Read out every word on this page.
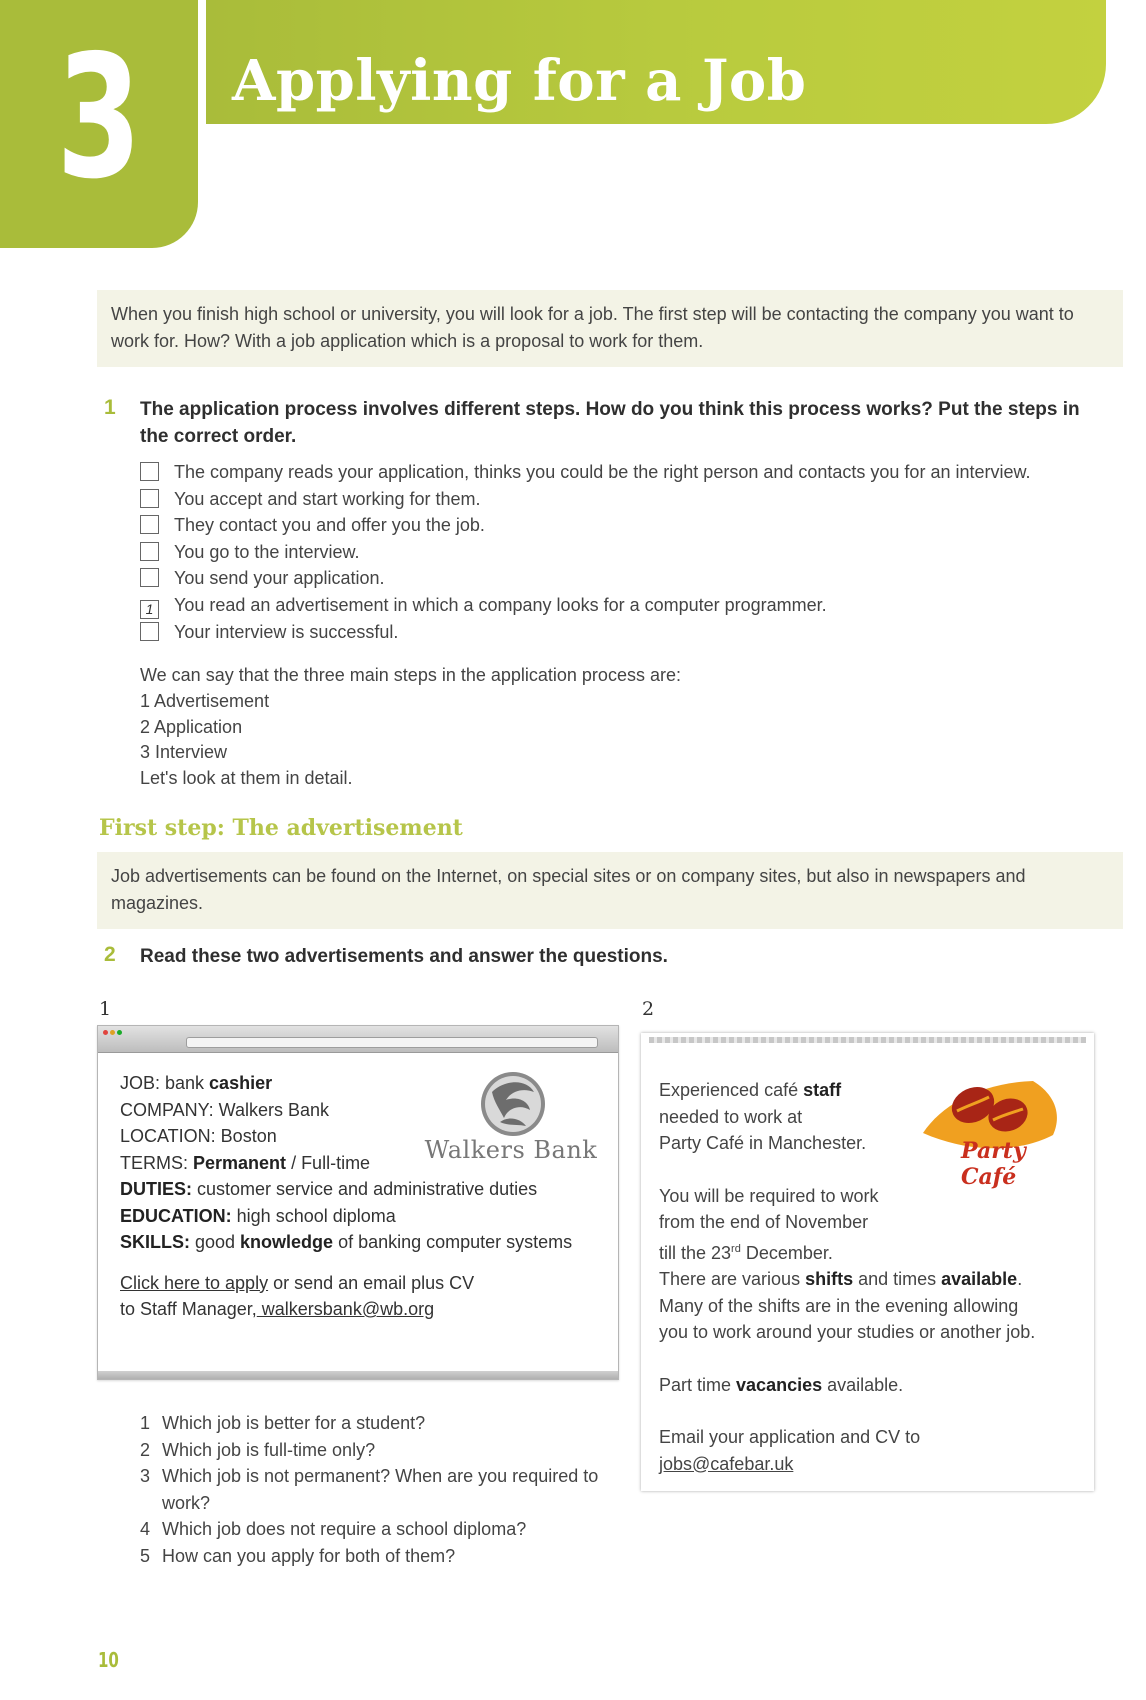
3	Applying for a Job
When you finish high school or university, you will look for a job. The first step will be contacting the company you want to work for. How? With a job application which is a proposal to work for them.
1 The application process involves different steps. How do you think this process works? Put the steps in the correct order.
The company reads your application, thinks you could be the right person and contacts you for an interview.
You accept and start working for them.
They contact you and offer you the job.
You go to the interview.
You send your application.
1 You read an advertisement in which a company looks for a computer programmer.
Your interview is successful.
We can say that the three main steps in the application process are:
1 Advertisement
2 Application
3 Interview
Let's look at them in detail.
First step: The advertisement
Job advertisements can be found on the Internet, on special sites or on company sites, but also in newspapers and magazines.
2 Read these two advertisements and answer the questions.
1
JOB: bank cashier
COMPANY: Walkers Bank
LOCATION: Boston
TERMS: Permanent / Full-time
DUTIES: customer service and administrative duties
EDUCATION: high school diploma
SKILLS: good knowledge of banking computer systems
Click here to apply or send an email plus CV
to Staff Manager, walkersbank@wb.org
Walkers Bank
1 Which job is better for a student?
2 Which job is full-time only?
3 Which job is not permanent? When are you required to work?
4 Which job does not require a school diploma?
5 How can you apply for both of them?
2
Party Café
Experienced café staff
needed to work at
Party Café in Manchester.
You will be required to work
from the end of November
till the 23rd December.
There are various shifts and times available.
Many of the shifts are in the evening allowing
you to work around your studies or another job.
Part time vacancies available.
Email your application and CV to
jobs@cafebar.uk
10
